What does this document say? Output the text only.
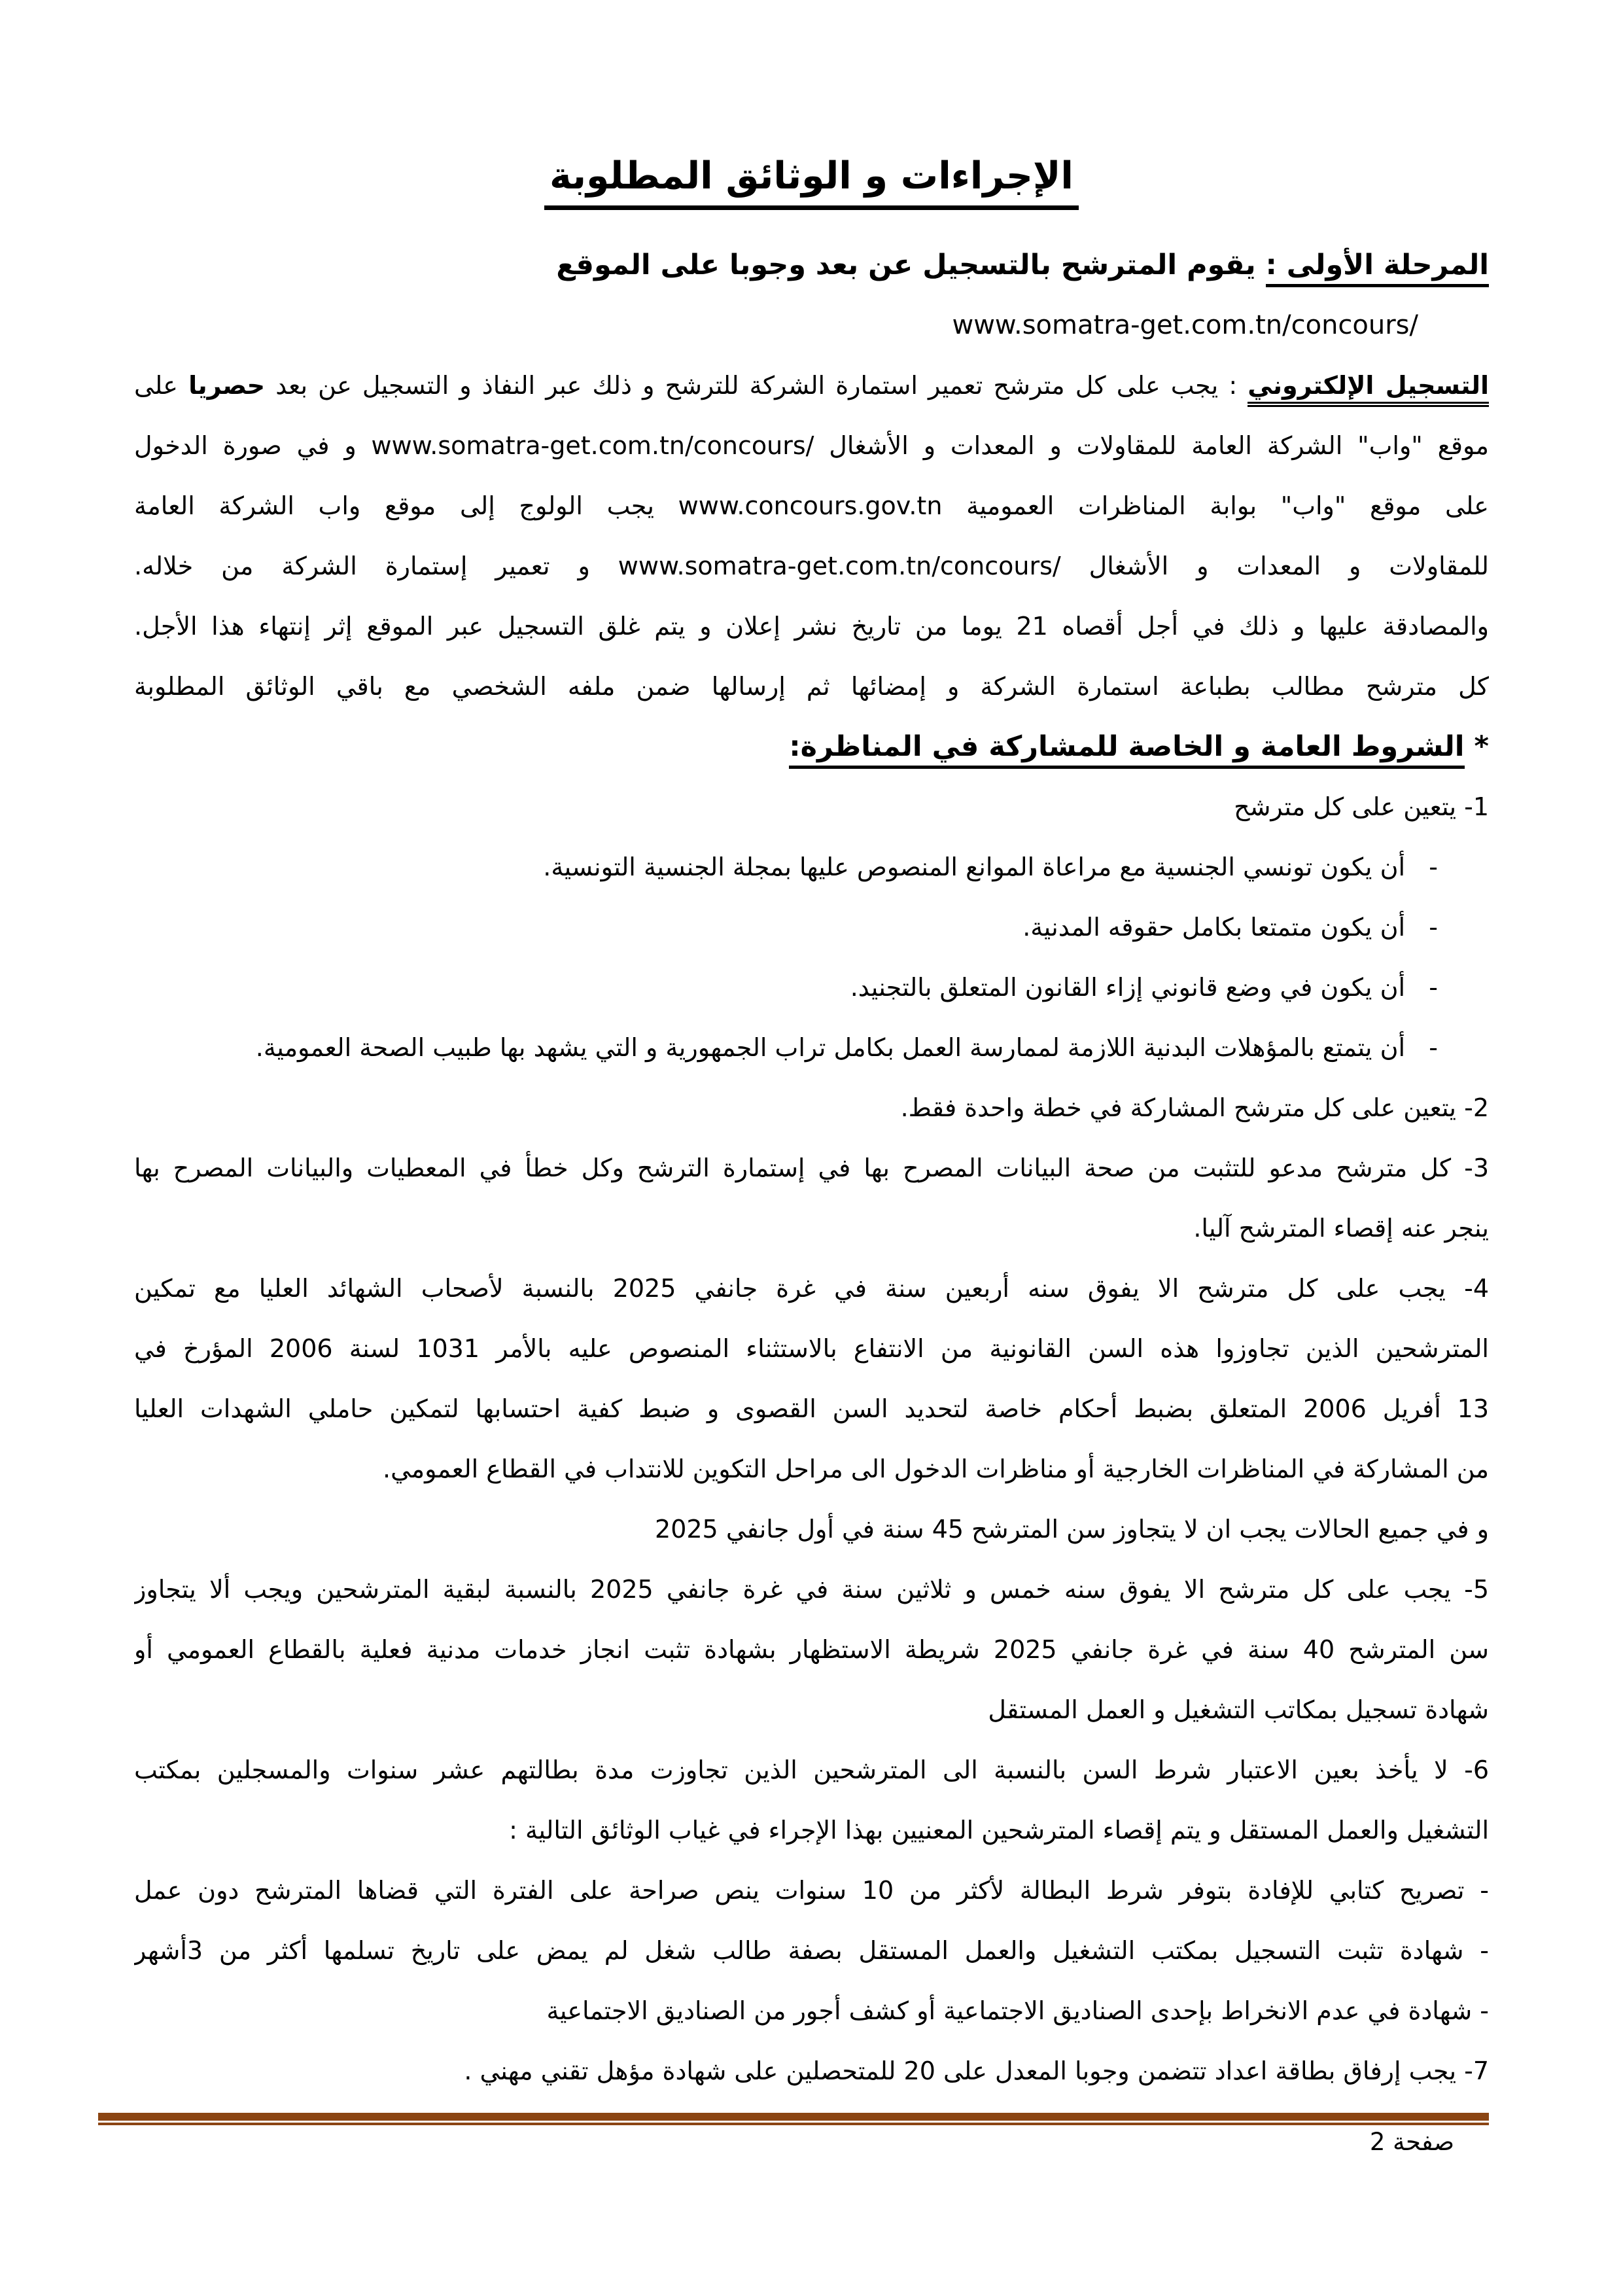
الإجراءات و الوثائق المطلوبة
المرحلة الأولى : يقوم المترشح بالتسجيل عن بعد وجوبا على الموقع
www.somatra-get.com.tn/concours/
التسجيل الإلكتروني : يجب على كل مترشح تعمير استمارة الشركة للترشح و ذلك عبر النفاذ و التسجيل عن بعد حصريا على
موقع "واب" الشركة العامة للمقاولات و المعدات و الأشغال www.somatra-get.com.tn/concours/ و في صورة الدخول
على موقع "واب" بوابة المناظرات العمومية www.concours.gov.tn يجب الولوج إلى موقع واب الشركة العامة
للمقاولات و المعدات و الأشغال www.somatra-get.com.tn/concours/ و تعمير إستمارة الشركة من خلاله.
والمصادقة عليها و ذلك في أجل أقصاه 21 يوما من تاريخ نشر إعلان و يتم غلق التسجيل عبر الموقع إثر إنتهاء هذا الأجل.
كل مترشح مطالب بطباعة استمارة الشركة و إمضائها ثم إرسالها ضمن ملفه الشخصي مع باقي الوثائق المطلوبة
* الشروط العامة و الخاصة للمشاركة في المناظرة:
1- يتعين على كل مترشح
-   أن يكون تونسي الجنسية مع مراعاة الموانع المنصوص عليها بمجلة الجنسية التونسية.
-   أن يكون متمتعا بكامل حقوقه المدنية.
-   أن يكون في وضع قانوني إزاء القانون المتعلق بالتجنيد.
-   أن يتمتع بالمؤهلات البدنية اللازمة لممارسة العمل بكامل تراب الجمهورية و التي يشهد بها طبيب الصحة العمومية.
2- يتعين على كل مترشح المشاركة في خطة واحدة فقط.
3- كل مترشح مدعو للتثبت من صحة البيانات المصرح بها في إستمارة الترشح وكل خطأ في المعطيات والبيانات المصرح بها
ينجر عنه إقصاء المترشح آليا.
4- يجب على كل مترشح الا يفوق سنه أربعين سنة في غرة جانفي 2025 بالنسبة لأصحاب الشهائد العليا مع تمكين
المترشحين الذين تجاوزوا هذه السن القانونية من الانتفاع بالاستثناء المنصوص عليه بالأمر 1031 لسنة 2006 المؤرخ في
13 أفريل 2006 المتعلق بضبط أحكام خاصة لتحديد السن القصوى و ضبط كفية احتسابها لتمكين حاملي الشهدات العليا
من المشاركة في المناظرات الخارجية أو مناظرات الدخول الى مراحل التكوين للانتداب في القطاع العمومي.
و في جميع الحالات يجب ان لا يتجاوز سن المترشح 45 سنة في أول جانفي 2025
5- يجب على كل مترشح الا يفوق سنه خمس و ثلاثين سنة في غرة جانفي 2025 بالنسبة لبقية المترشحين ويجب ألا يتجاوز
سن المترشح 40 سنة في غرة جانفي 2025 شريطة الاستظهار بشهادة تثبت انجاز خدمات مدنية فعلية بالقطاع العمومي أو
شهادة تسجيل بمكاتب التشغيل و العمل المستقل
6- لا يأخذ بعين الاعتبار شرط السن بالنسبة الى المترشحين الذين تجاوزت مدة بطالتهم عشر سنوات والمسجلين بمكتب
التشغيل والعمل المستقل و يتم إقصاء المترشحين المعنيين بهذا الإجراء في غياب الوثائق التالية :
- تصريح كتابي للإفادة بتوفر شرط البطالة لأكثر من 10 سنوات ينص صراحة على الفترة التي قضاها المترشح دون عمل
- شهادة تثبت التسجيل بمكتب التشغيل والعمل المستقل بصفة طالب شغل لم يمض على تاريخ تسلمها أكثر من 3أشهر
- شهادة في عدم الانخراط بإحدى الصناديق الاجتماعية أو كشف أجور من الصناديق الاجتماعية
7- يجب إرفاق بطاقة اعداد تتضمن وجوبا المعدل على 20 للمتحصلين على شهادة مؤهل تقني مهني .
صفحة 2
